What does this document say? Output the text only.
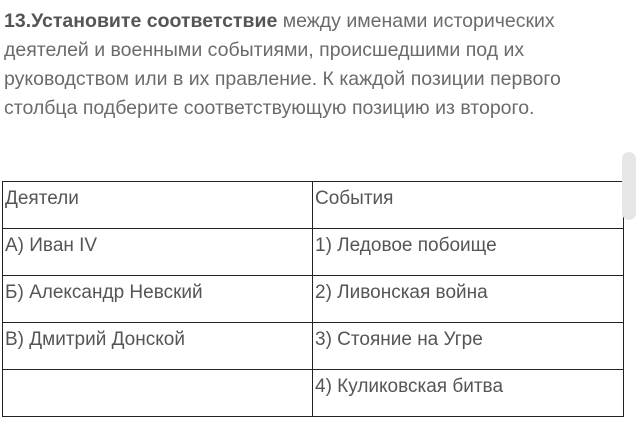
13.Установите соответствие между именами исторических деятелей и военными событиями, происшедшими под их руководством или в их правление. К каждой позиции первого столбца подберите соответствующую позицию из второго.

Деятели	События
А) Иван IV	1) Ледовое побоище
Б) Александр Невский	2) Ливонская война
В) Дмитрий Донской	3) Стояние на Угре
	4) Куликовская битва
